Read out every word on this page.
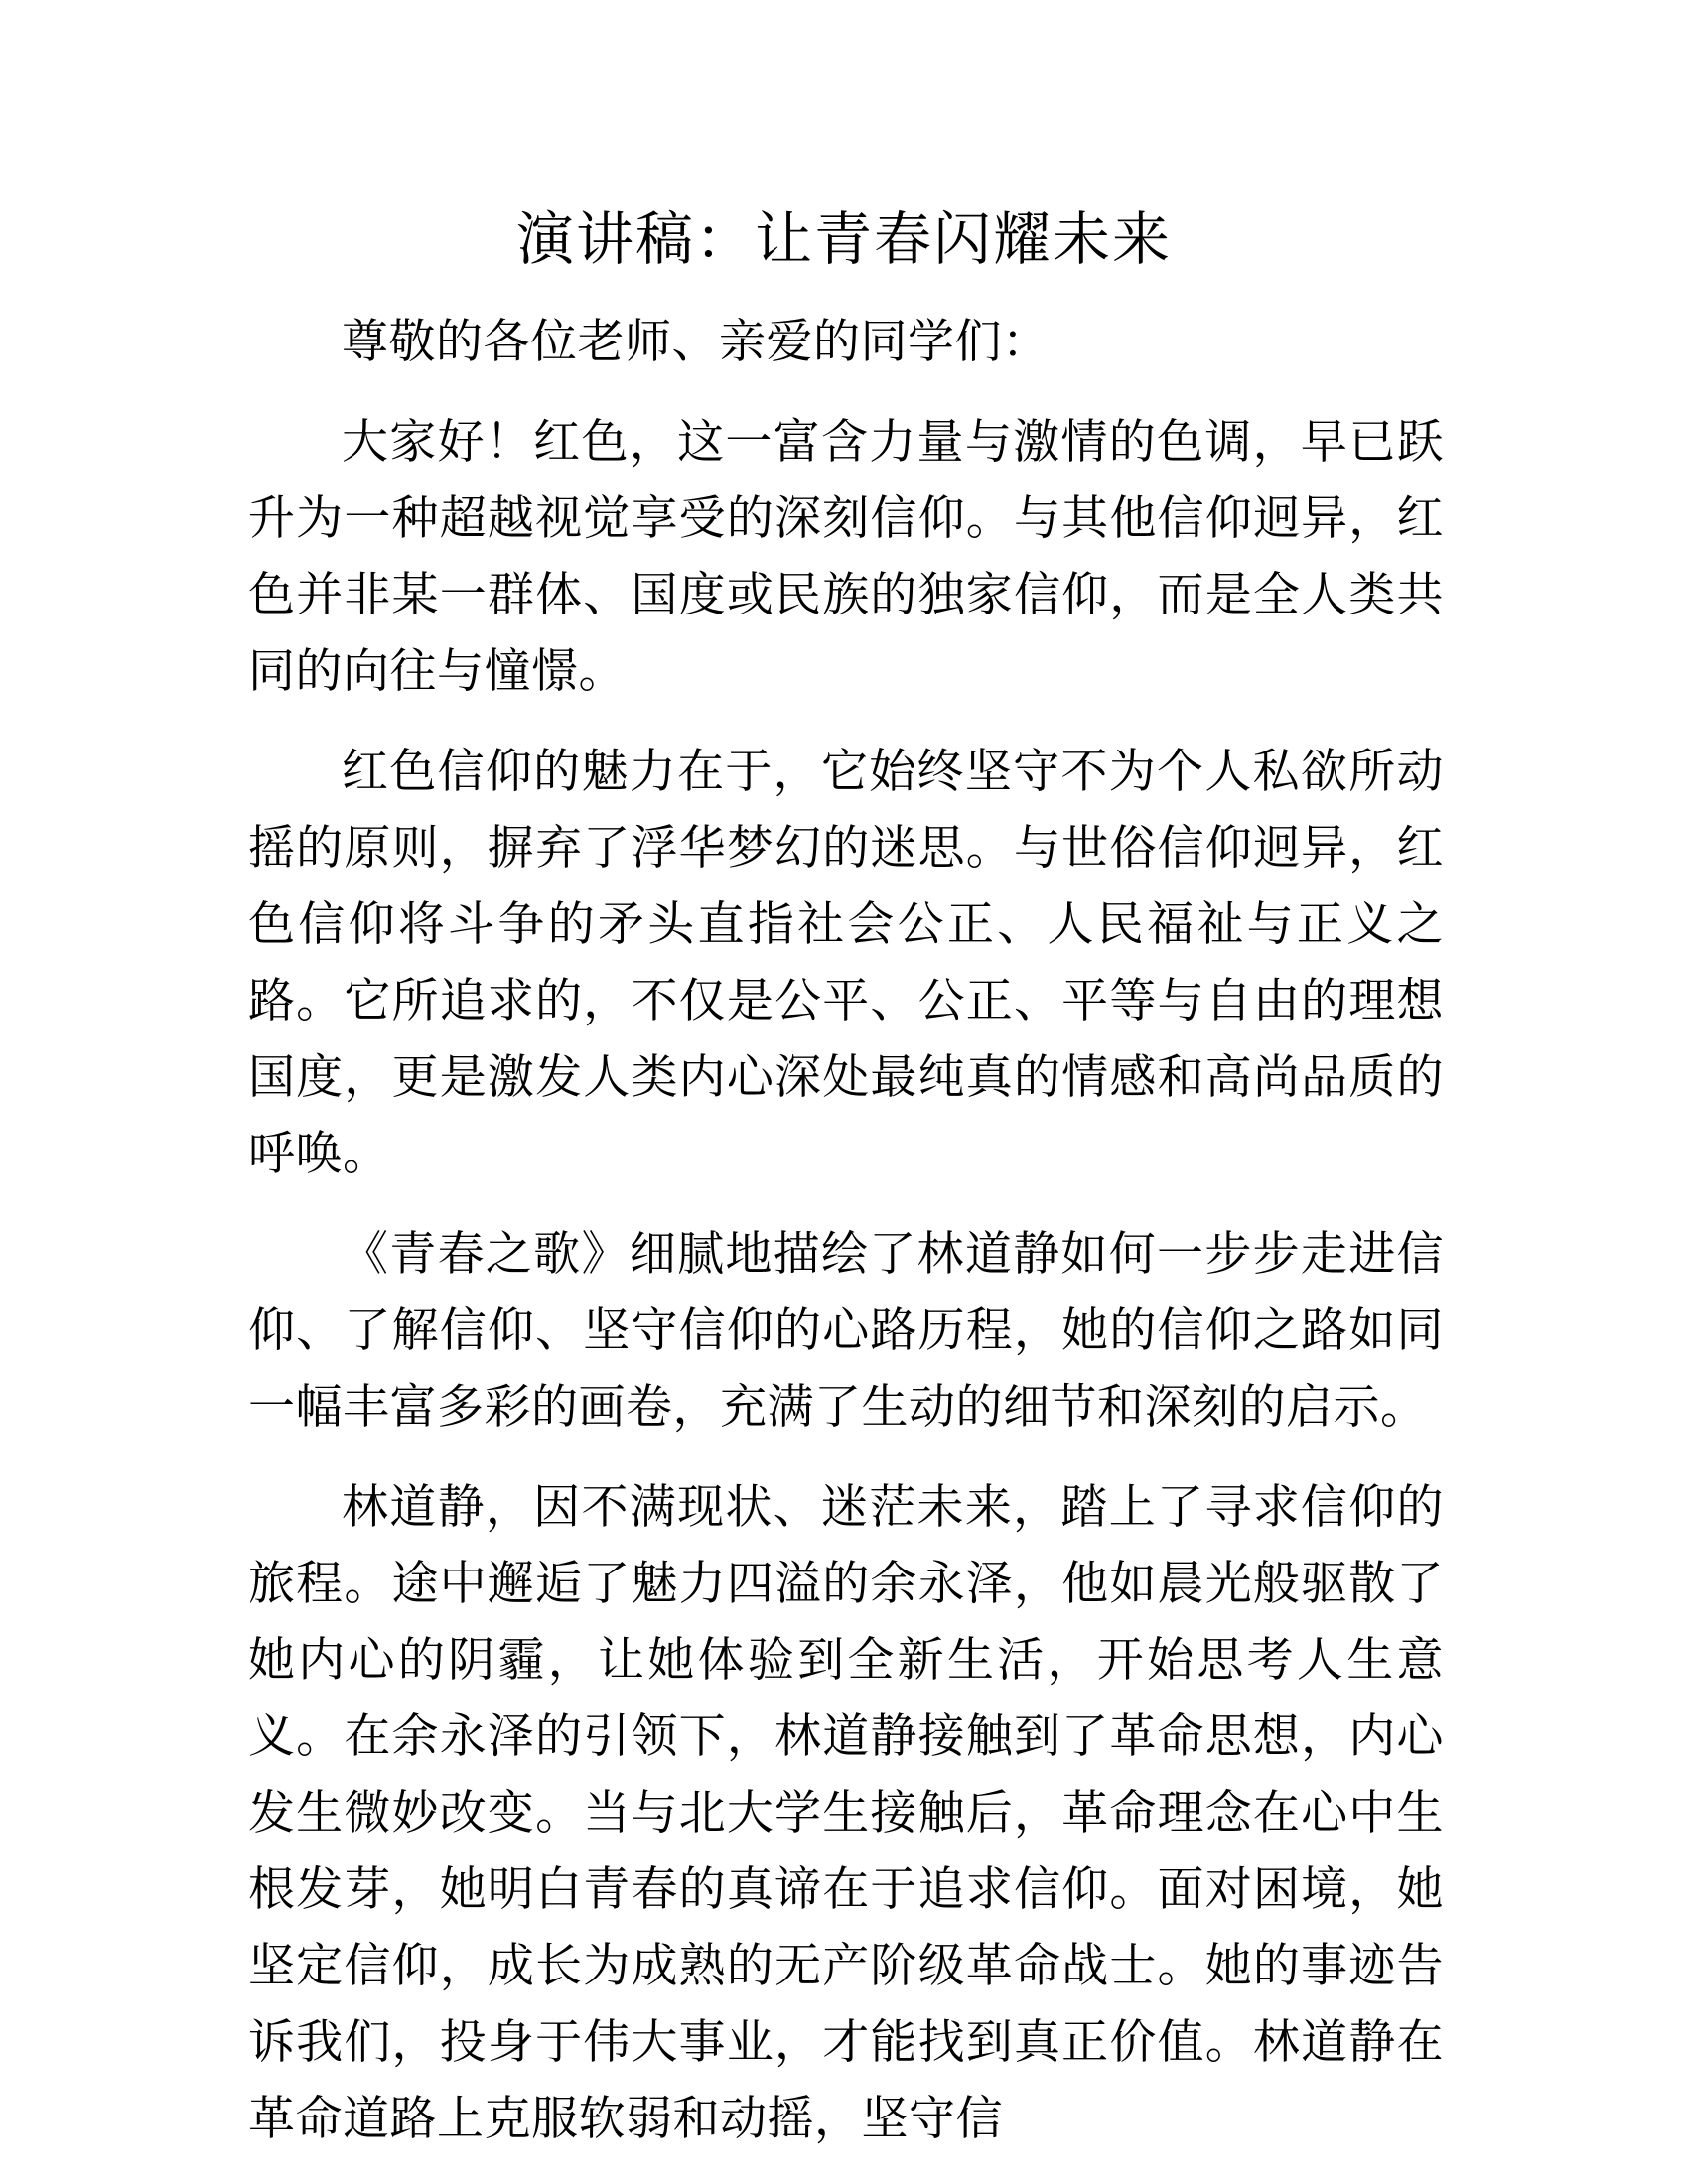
演讲稿：让青春闪耀未来

尊敬的各位老师、亲爱的同学们：

大家好！红色，这一富含力量与激情的色调，早已跃升为一种超越视觉享受的深刻信仰。与其他信仰迥异，红色并非某一群体、国度或民族的独家信仰，而是全人类共同的向往与憧憬。

红色信仰的魅力在于，它始终坚守不为个人私欲所动摇的原则，摒弃了浮华梦幻的迷思。与世俗信仰迥异，红色信仰将斗争的矛头直指社会公正、人民福祉与正义之路。它所追求的，不仅是公平、公正、平等与自由的理想国度，更是激发人类内心深处最纯真的情感和高尚品质的呼唤。

《青春之歌》细腻地描绘了林道静如何一步步走进信仰、了解信仰、坚守信仰的心路历程，她的信仰之路如同一幅丰富多彩的画卷，充满了生动的细节和深刻的启示。

林道静，因不满现状、迷茫未来，踏上了寻求信仰的旅程。途中邂逅了魅力四溢的余永泽，他如晨光般驱散了她内心的阴霾，让她体验到全新生活，开始思考人生意义。在余永泽的引领下，林道静接触到了革命思想，内心发生微妙改变。当与北大学生接触后，革命理念在心中生根发芽，她明白青春的真谛在于追求信仰。面对困境，她坚定信仰，成长为成熟的无产阶级革命战士。她的事迹告诉我们，投身于伟大事业，才能找到真正价值。林道静在革命道路上克服软弱和动摇，坚守信
